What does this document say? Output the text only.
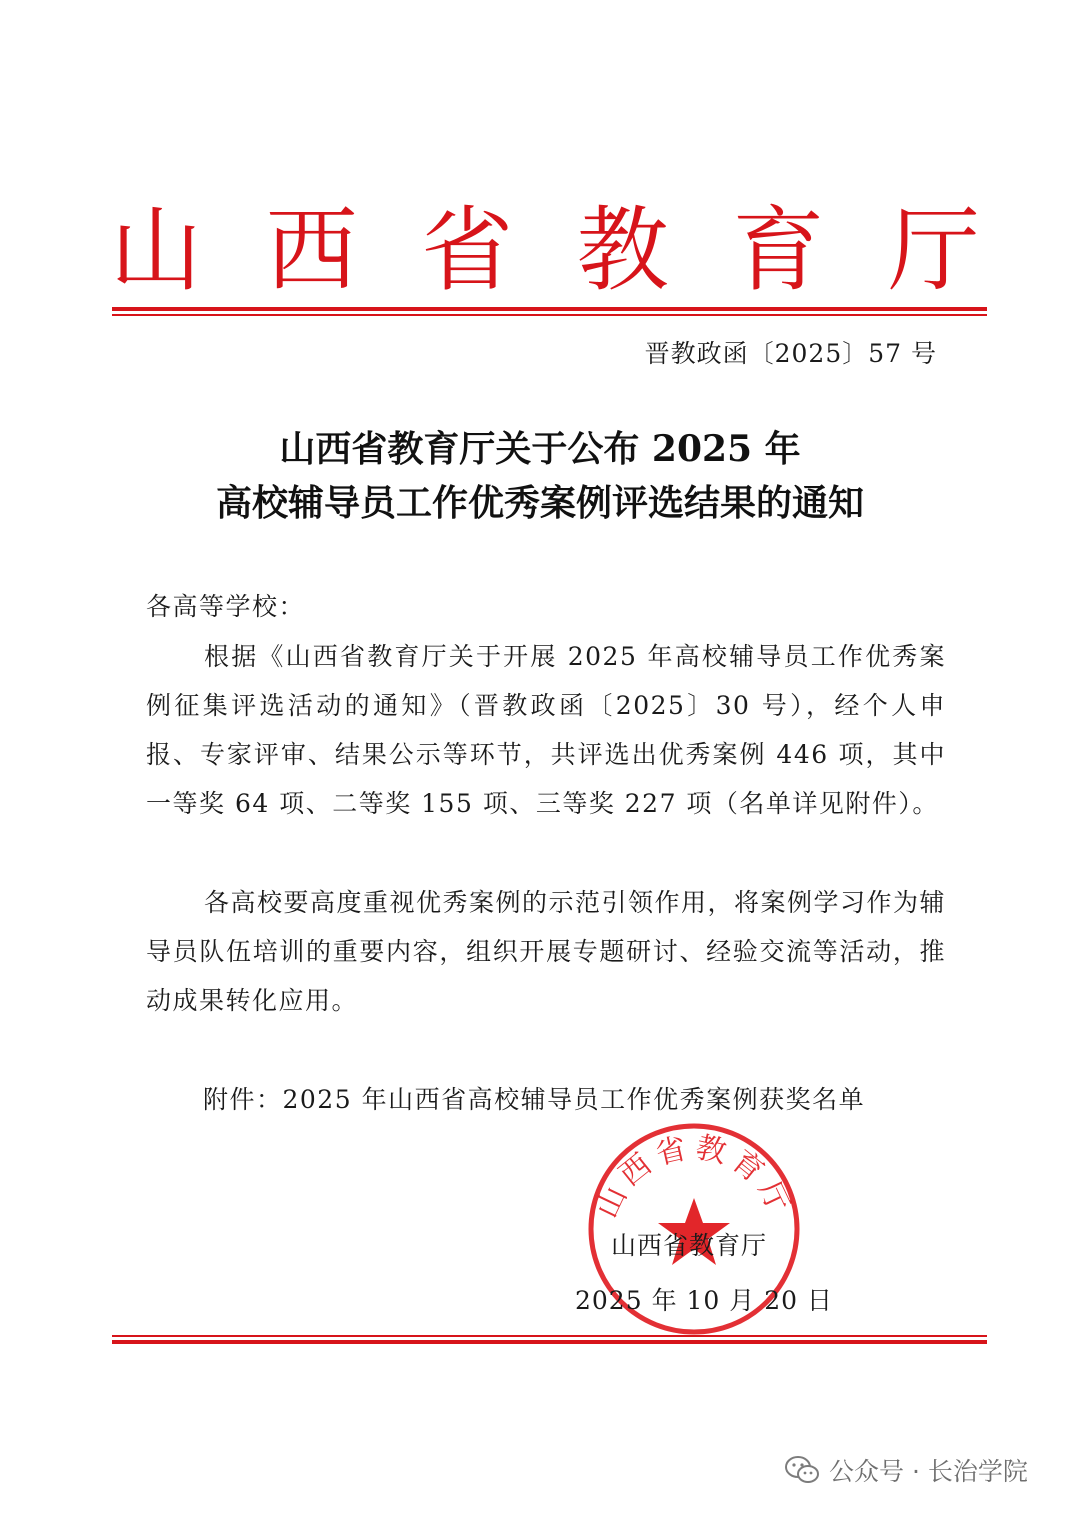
山 西 省 教 育 厅
晋教政函〔2025〕57 号
山西省教育厅关于公布 2025 年
高校辅导员工作优秀案例评选结果的通知
各高等学校：
根据《山西省教育厅关于开展 2025 年高校辅导员工作优秀案例征集评选活动的通知》（晋教政函〔2025〕30 号），经个人申报、专家评审、结果公示等环节，共评选出优秀案例 446 项，其中一等奖 64 项、二等奖 155 项、三等奖 227 项（名单详见附件）。
各高校要高度重视优秀案例的示范引领作用，将案例学习作为辅导员队伍培训的重要内容，组织开展专题研讨、经验交流等活动，推动成果转化应用。
附件：2025 年山西省高校辅导员工作优秀案例获奖名单
山西省教育厅
山西省教育厅
2025 年 10 月 20 日
公众号 · 长治学院
